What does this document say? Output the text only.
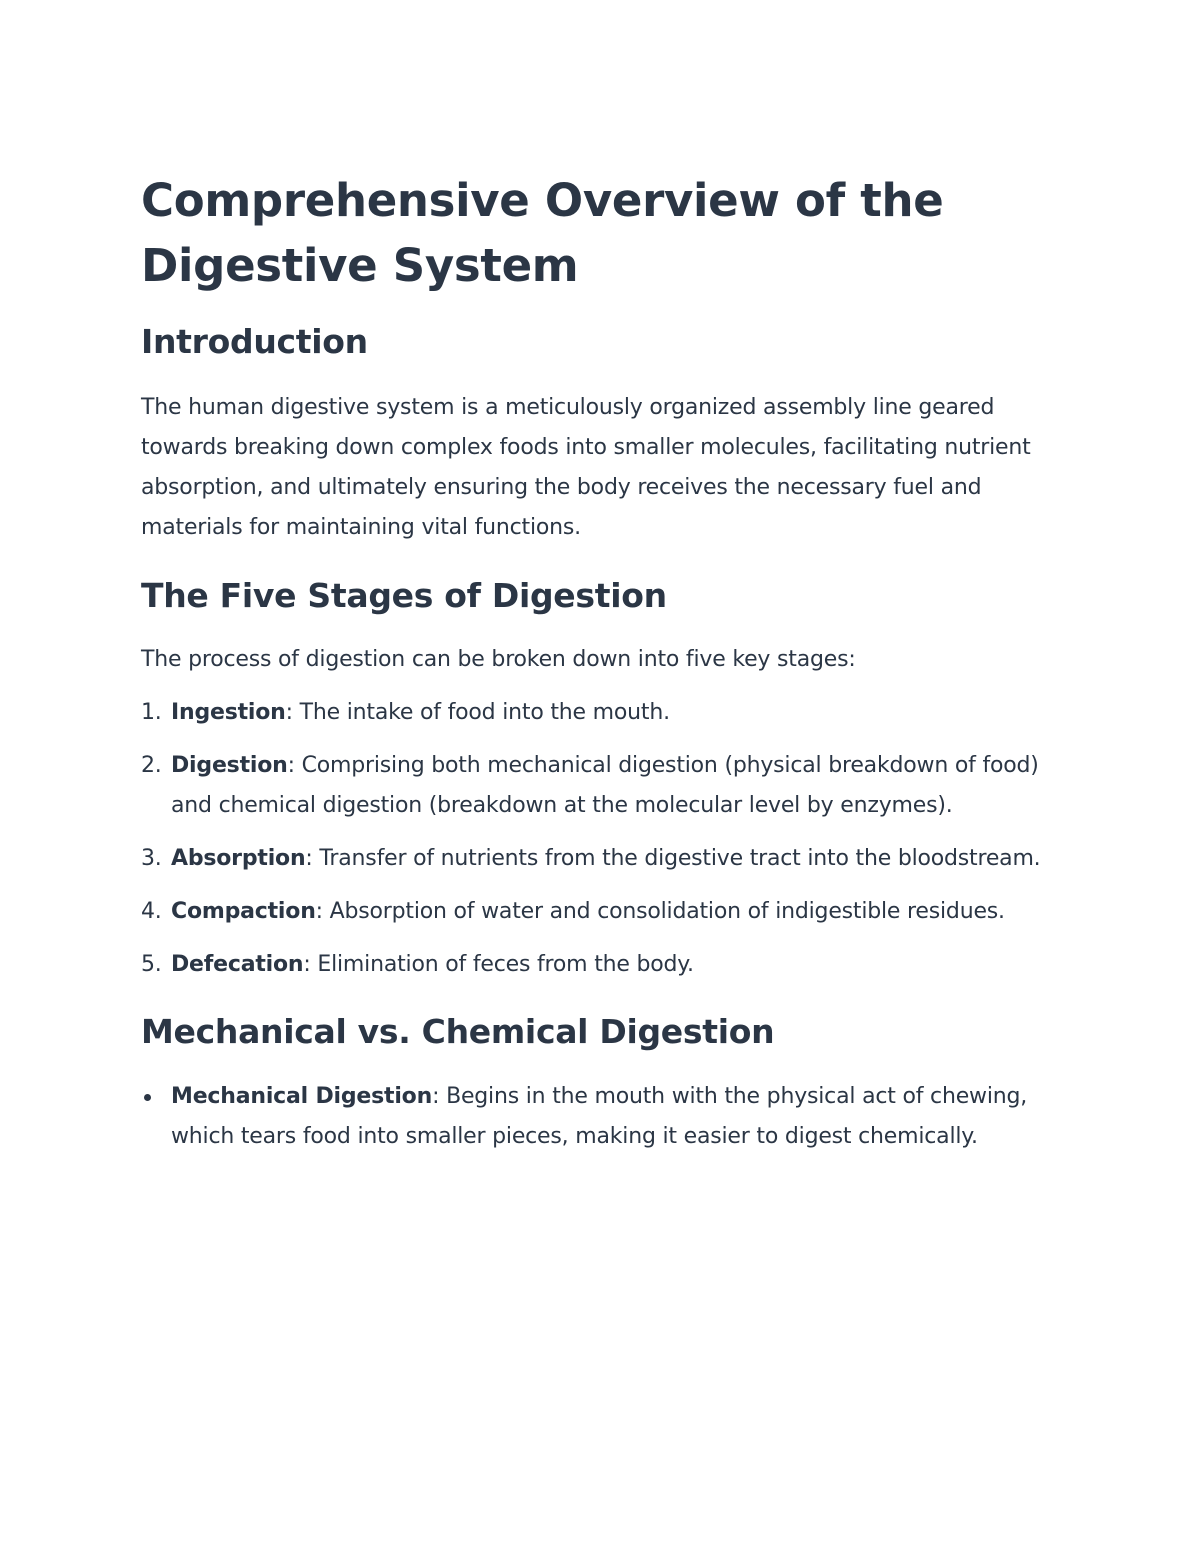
Comprehensive Overview of the Digestive System
Introduction

The human digestive system is a meticulously organized assembly line geared towards breaking down complex foods into smaller molecules, facilitating nutrient absorption, and ultimately ensuring the body receives the necessary fuel and materials for maintaining vital functions.

The Five Stages of Digestion

The process of digestion can be broken down into five key stages:

1. Ingestion: The intake of food into the mouth.
2. Digestion: Comprising both mechanical digestion (physical breakdown of food) and chemical digestion (breakdown at the molecular level by enzymes).
3. Absorption: Transfer of nutrients from the digestive tract into the bloodstream.
4. Compaction: Absorption of water and consolidation of indigestible residues.
5. Defecation: Elimination of feces from the body.
Mechanical vs. Chemical Digestion
Mechanical Digestion: Begins in the mouth with the physical act of chewing, which tears food into smaller pieces, making it easier to digest chemically.
